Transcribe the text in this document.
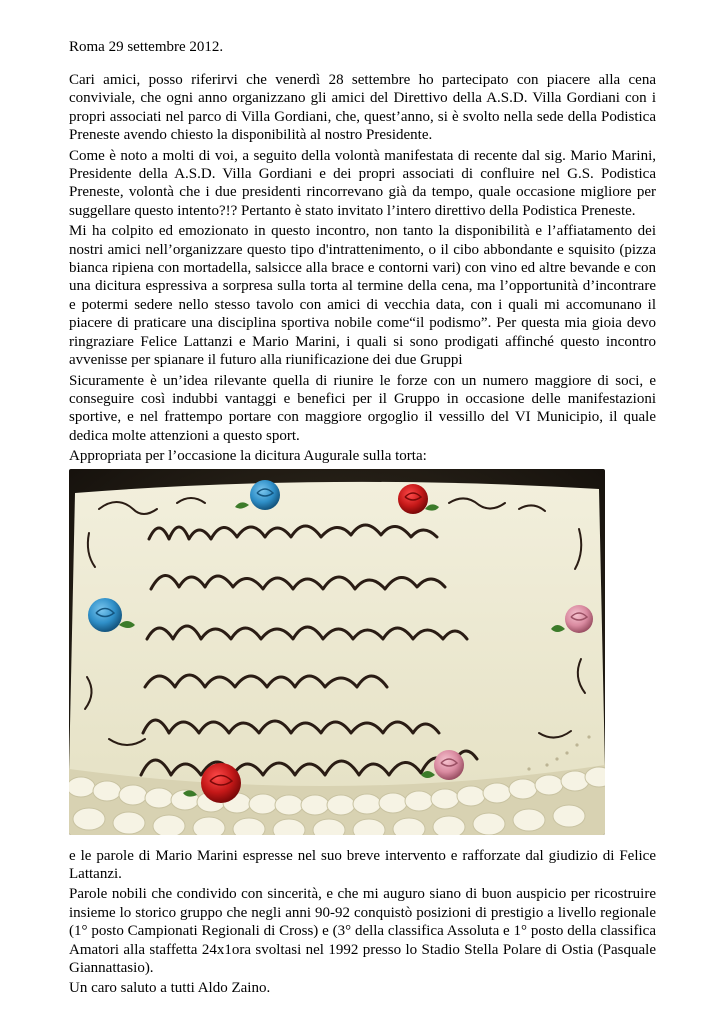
Roma 29 settembre 2012.

Cari amici, posso riferirvi che venerdì 28 settembre ho partecipato con piacere alla cena conviviale, che ogni anno organizzano gli amici del Direttivo della A.S.D. Villa Gordiani con i propri associati nel parco di Villa Gordiani, che, quest’anno, si è svolto nella sede della Podistica Preneste avendo chiesto la disponibilità al nostro Presidente.

Come è noto a molti di voi, a seguito della volontà manifestata di recente dal sig. Mario Marini, Presidente della A.S.D. Villa Gordiani e dei propri associati di confluire nel G.S. Podistica Preneste, volontà che i due presidenti rincorrevano già da tempo, quale occasione migliore per suggellare questo intento?!? Pertanto è stato invitato l’intero direttivo della Podistica Preneste.

Mi ha colpito ed emozionato in questo incontro, non tanto la disponibilità e l’affiatamento dei nostri amici nell’organizzare questo tipo d'intrattenimento, o il cibo abbondante e squisito (pizza bianca ripiena con mortadella, salsicce alla brace e contorni vari) con vino ed altre bevande e con una dicitura espressiva a sorpresa sulla torta al termine della cena, ma l’opportunità d’incontrare e potermi sedere nello stesso tavolo con amici di vecchia data, con i quali mi accomunano il piacere di praticare una disciplina sportiva nobile come“il podismo”. Per questa mia gioia devo ringraziare Felice Lattanzi e Mario Marini, i quali si sono prodigati affinché questo incontro avvenisse per spianare il futuro alla riunificazione dei due Gruppi

Sicuramente è un’idea rilevante quella di riunire le forze con un numero maggiore di soci, e conseguire così indubbi vantaggi e benefici per il Gruppo in occasione delle manifestazioni sportive, e nel frattempo portare con maggiore orgoglio il vessillo del VI Municipio, il quale dedica molte attenzioni a questo sport.

Appropriata per l’occasione la dicitura Augurale sulla torta:

e le parole di Mario Marini espresse nel suo breve intervento e rafforzate dal giudizio di Felice Lattanzi.

Parole nobili che condivido con sincerità, e che mi auguro siano di buon auspicio per ricostruire insieme lo storico gruppo che negli anni 90-92 conquistò posizioni di prestigio a livello regionale (1° posto Campionati Regionali di Cross) e (3° della classifica Assoluta e 1° posto della classifica Amatori alla staffetta 24x1ora svoltasi nel 1992 presso lo Stadio Stella Polare di Ostia (Pasquale Giannattasio).

Un caro saluto a tutti Aldo Zaino.
